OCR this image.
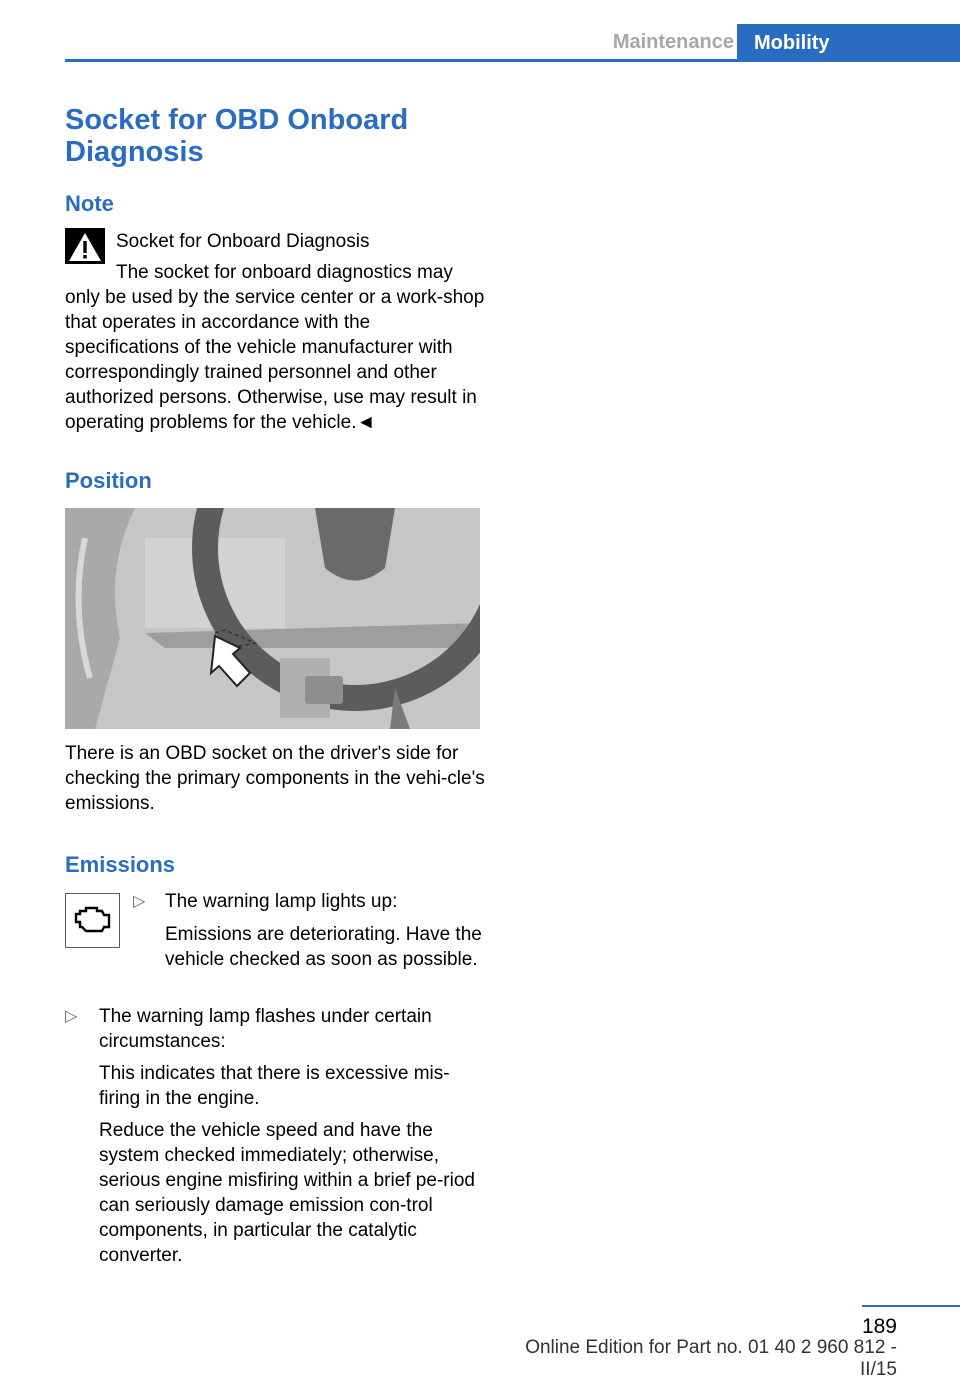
Maintenance	Mobility
Socket for OBD Onboard Diagnosis
Note
Socket for Onboard Diagnosis
The socket for onboard diagnostics may
only be used by the service center or a work-shop that operates in accordance with the specifications of the vehicle manufacturer with correspondingly trained personnel and other authorized persons. Otherwise, use may result in operating problems for the vehicle.◄
Position
There is an OBD socket on the driver's side for checking the primary components in the vehi-cle's emissions.
Emissions
▷ The warning lamp lights up:
Emissions are deteriorating. Have the vehicle checked as soon as possible.
▷ The warning lamp flashes under certain circumstances:
This indicates that there is excessive mis-firing in the engine.
Reduce the vehicle speed and have the system checked immediately; otherwise, serious engine misfiring within a brief pe-riod can seriously damage emission con-trol components, in particular the catalytic converter.
189
Online Edition for Part no. 01 40 2 960 812 - II/15
